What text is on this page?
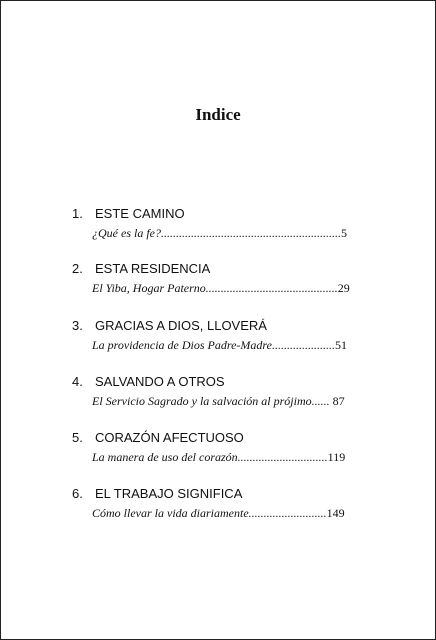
Indice
1. ESTE CAMINO
¿Qué es la fe?............................................................5
2. ESTA RESIDENCIA
El Yiba, Hogar Paterno............................................29
3. GRACIAS A DIOS, LLOVERÁ
La providencia de Dios Padre-Madre.....................51
4. SALVANDO A OTROS
El Servicio Sagrado y la salvación al prójimo...... 87
5. CORAZÓN AFECTUOSO
La manera de uso del corazón..............................119
6. EL TRABAJO SIGNIFICA
Cómo llevar la vida diariamente..........................149
